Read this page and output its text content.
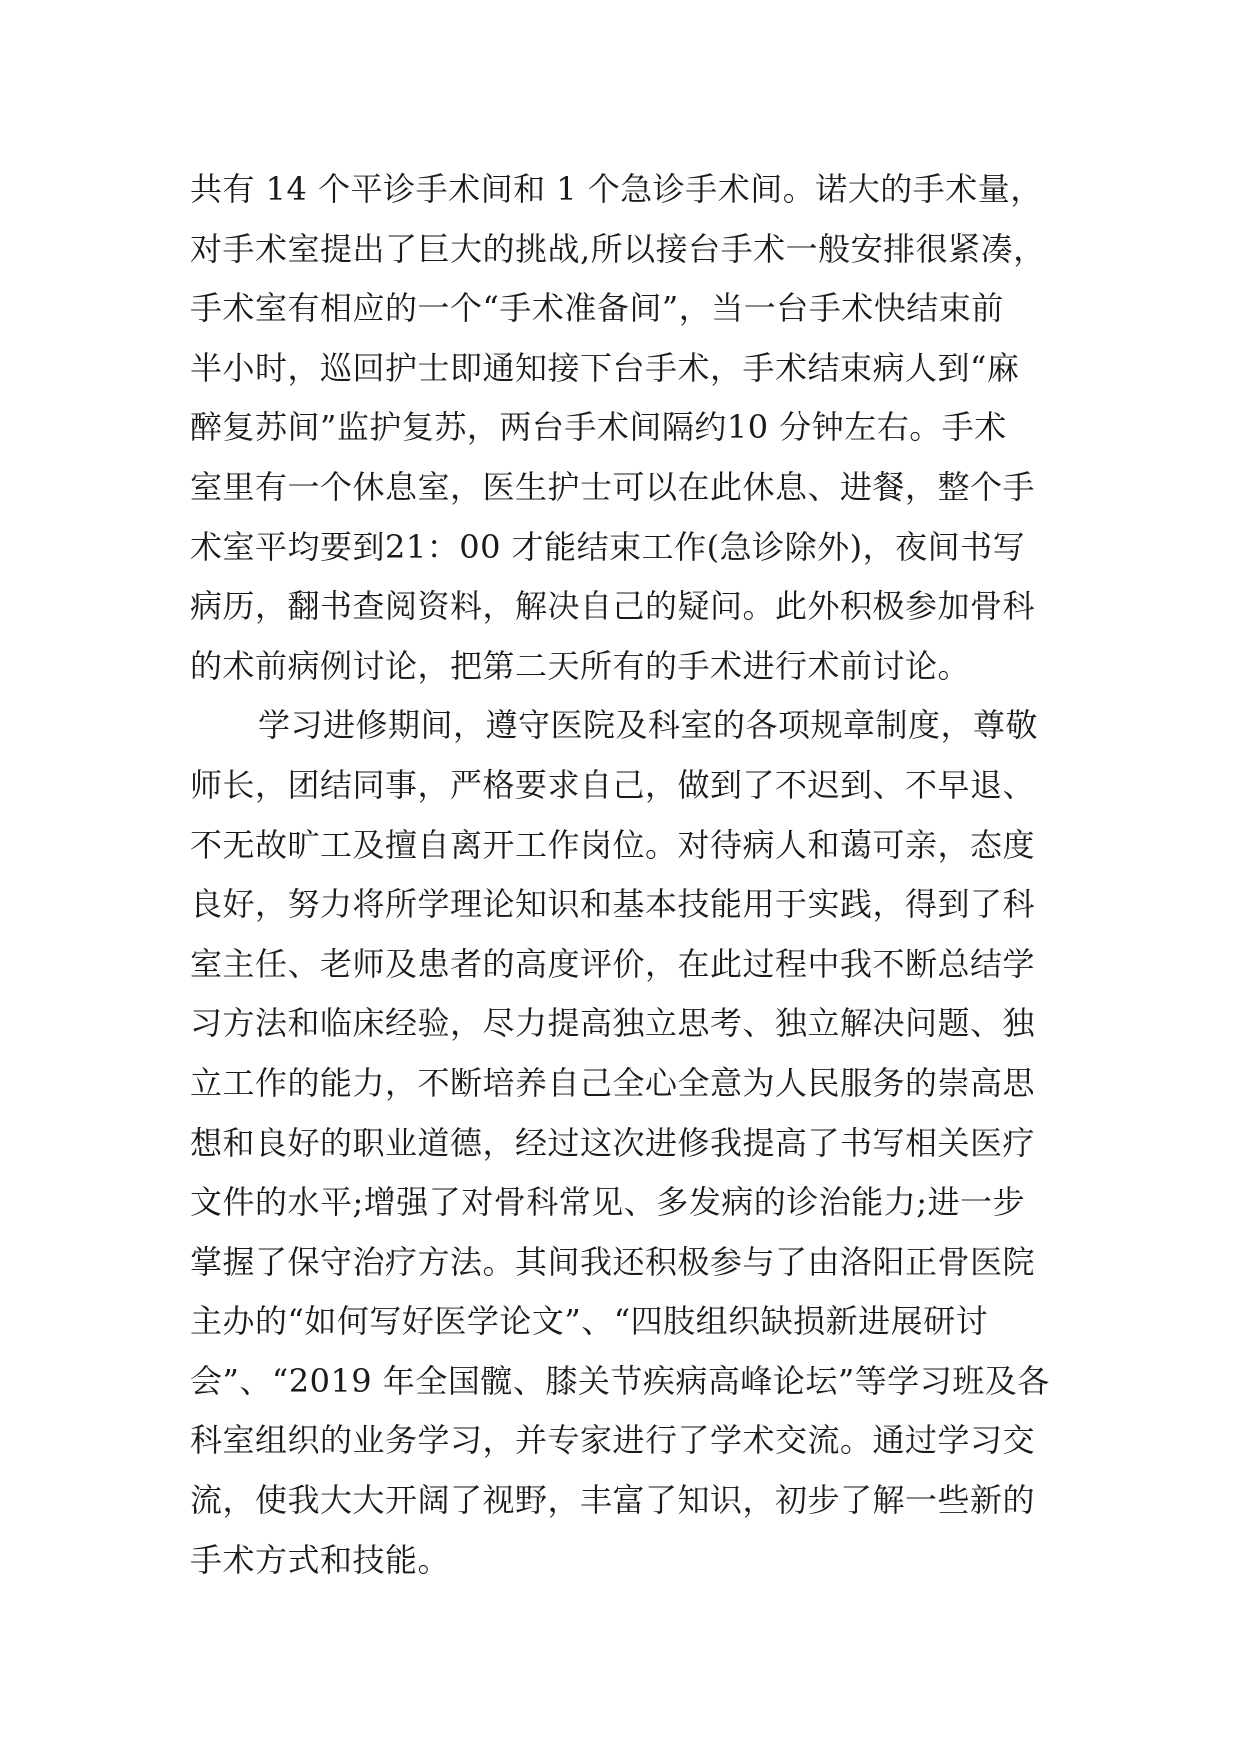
共有 14 个平诊手术间和 1 个急诊手术间。诺大的手术量，
对手术室提出了巨大的挑战,所以接台手术一般安排很紧凑，
手术室有相应的一个“手术准备间”，当一台手术快结束前
半小时，巡回护士即通知接下台手术，手术结束病人到“麻
醉复苏间”监护复苏，两台手术间隔约10 分钟左右。手术
室里有一个休息室，医生护士可以在此休息、进餐，整个手
术室平均要到21：00 才能结束工作(急诊除外)，夜间书写
病历，翻书查阅资料，解决自己的疑问。此外积极参加骨科
的术前病例讨论，把第二天所有的手术进行术前讨论。
学习进修期间，遵守医院及科室的各项规章制度，尊敬
师长，团结同事，严格要求自己，做到了不迟到、不早退、
不无故旷工及擅自离开工作岗位。对待病人和蔼可亲，态度
良好，努力将所学理论知识和基本技能用于实践，得到了科
室主任、老师及患者的高度评价，在此过程中我不断总结学
习方法和临床经验，尽力提高独立思考、独立解决问题、独
立工作的能力，不断培养自己全心全意为人民服务的崇高思
想和良好的职业道德，经过这次进修我提高了书写相关医疗
文件的水平;增强了对骨科常见、多发病的诊治能力;进一步
掌握了保守治疗方法。其间我还积极参与了由洛阳正骨医院
主办的“如何写好医学论文”、“四肢组织缺损新进展研讨
会”、“2019 年全国髋、膝关节疾病高峰论坛”等学习班及各
科室组织的业务学习，并专家进行了学术交流。通过学习交
流，使我大大开阔了视野，丰富了知识，初步了解一些新的
手术方式和技能。
